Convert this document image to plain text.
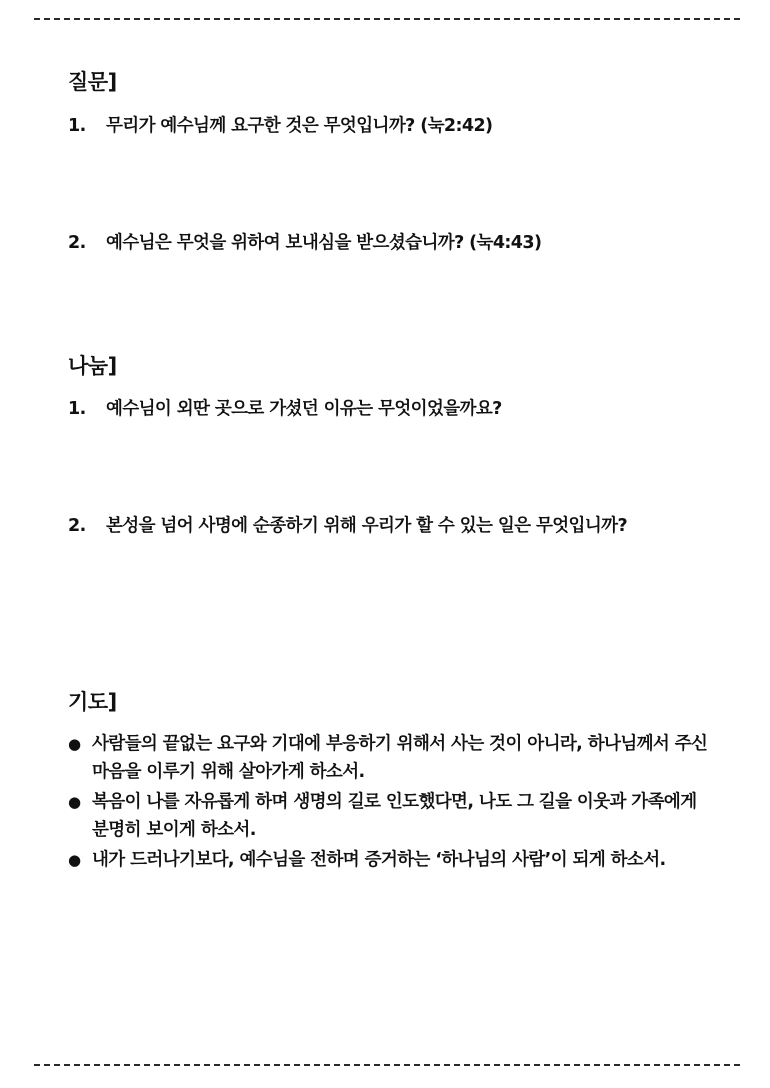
질문]
1.	무리가 예수님께 요구한 것은 무엇입니까? (눅2:42)
2.	예수님은 무엇을 위하여 보내심을 받으셨습니까? (눅4:43)
나눔]
1.	예수님이 외딴 곳으로 가셨던 이유는 무엇이었을까요?
2.	본성을 넘어 사명에 순종하기 위해 우리가 할 수 있는 일은 무엇입니까?
기도]
● 사람들의 끝없는 요구와 기대에 부응하기 위해서 사는 것이 아니라, 하나님께서 주신 마음을 이루기 위해 살아가게 하소서.
● 복음이 나를 자유롭게 하며 생명의 길로 인도했다면, 나도 그 길을 이웃과 가족에게 분명히 보이게 하소서.
● 내가 드러나기보다, 예수님을 전하며 증거하는 ‘하나님의 사람’이 되게 하소서.
